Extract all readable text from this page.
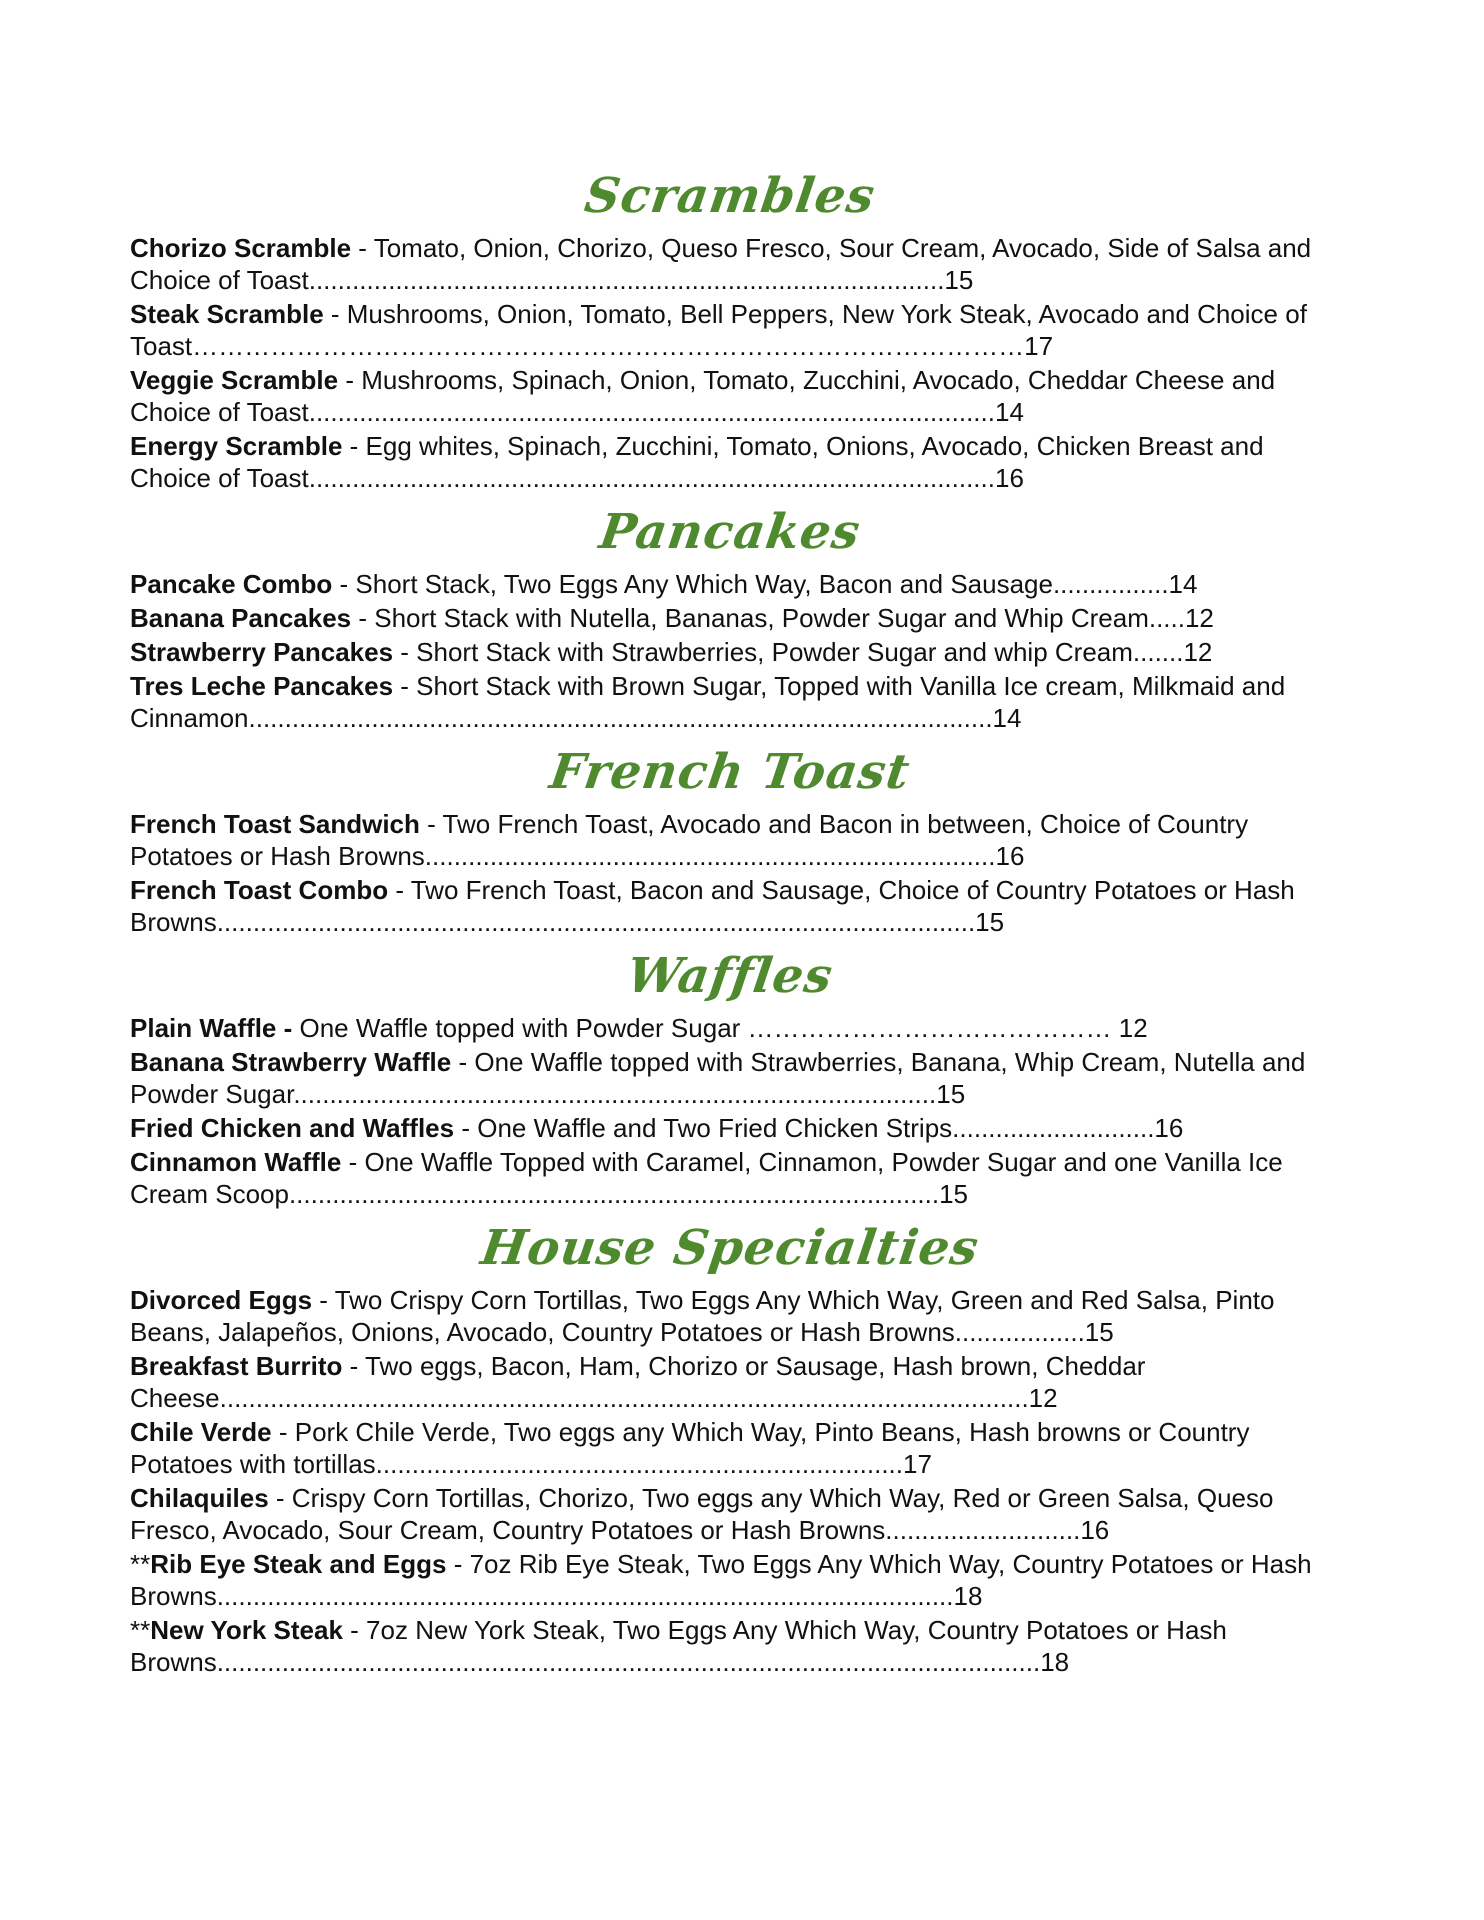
Scrambles
Chorizo Scramble - Tomato, Onion, Chorizo, Queso Fresco, Sour Cream, Avocado, Side of Salsa and Choice of Toast........................................................................................15
Steak Scramble - Mushrooms, Onion, Tomato, Bell Peppers, New York Steak, Avocado and Choice of Toast……………………………………………………………………………………17
Veggie Scramble - Mushrooms, Spinach, Onion, Tomato, Zucchini, Avocado, Cheddar Cheese and Choice of Toast...............................................................................................14
Energy Scramble - Egg whites, Spinach, Zucchini, Tomato, Onions, Avocado, Chicken Breast and Choice of Toast...............................................................................................16
Pancakes
Pancake Combo - Short Stack, Two Eggs Any Which Way, Bacon and Sausage................14
Banana Pancakes - Short Stack with Nutella, Bananas, Powder Sugar and Whip Cream.....12
Strawberry Pancakes - Short Stack with Strawberries, Powder Sugar and whip Cream.......12
Tres Leche Pancakes - Short Stack with Brown Sugar, Topped with Vanilla Ice cream, Milkmaid and Cinnamon.......................................................................................................14
French Toast
French Toast Sandwich - Two French Toast, Avocado and Bacon in between, Choice of Country Potatoes or Hash Browns...............................................................................16
French Toast Combo - Two French Toast, Bacon and Sausage, Choice of Country Potatoes or Hash Browns.........................................................................................................15
Waffles
Plain Waffle - One Waffle topped with Powder Sugar …………………………………… 12
Banana Strawberry Waffle - One Waffle topped with Strawberries, Banana, Whip Cream, Nutella and Powder Sugar.........................................................................................15
Fried Chicken and Waffles - One Waffle and Two Fried Chicken Strips............................16
Cinnamon Waffle - One Waffle Topped with Caramel, Cinnamon, Powder Sugar and one Vanilla Ice Cream Scoop..........................................................................................15
House Specialties
Divorced Eggs - Two Crispy Corn Tortillas, Two Eggs Any Which Way, Green and Red Salsa, Pinto Beans, Jalapeños, Onions, Avocado, Country Potatoes or Hash Browns..................15
Breakfast Burrito - Two eggs, Bacon, Ham, Chorizo or Sausage, Hash brown, Cheddar Cheese................................................................................................................12
Chile Verde - Pork Chile Verde, Two eggs any Which Way, Pinto Beans, Hash browns or Country Potatoes with tortillas.........................................................................17
Chilaquiles - Crispy Corn Tortillas, Chorizo, Two eggs any Which Way, Red or Green Salsa, Queso Fresco, Avocado, Sour Cream, Country Potatoes or Hash Browns...........................16
**Rib Eye Steak and Eggs - 7oz Rib Eye Steak, Two Eggs Any Which Way, Country Potatoes or Hash Browns......................................................................................................18
**New York Steak - 7oz New York Steak, Two Eggs Any Which Way, Country Potatoes or Hash Browns..................................................................................................................18
